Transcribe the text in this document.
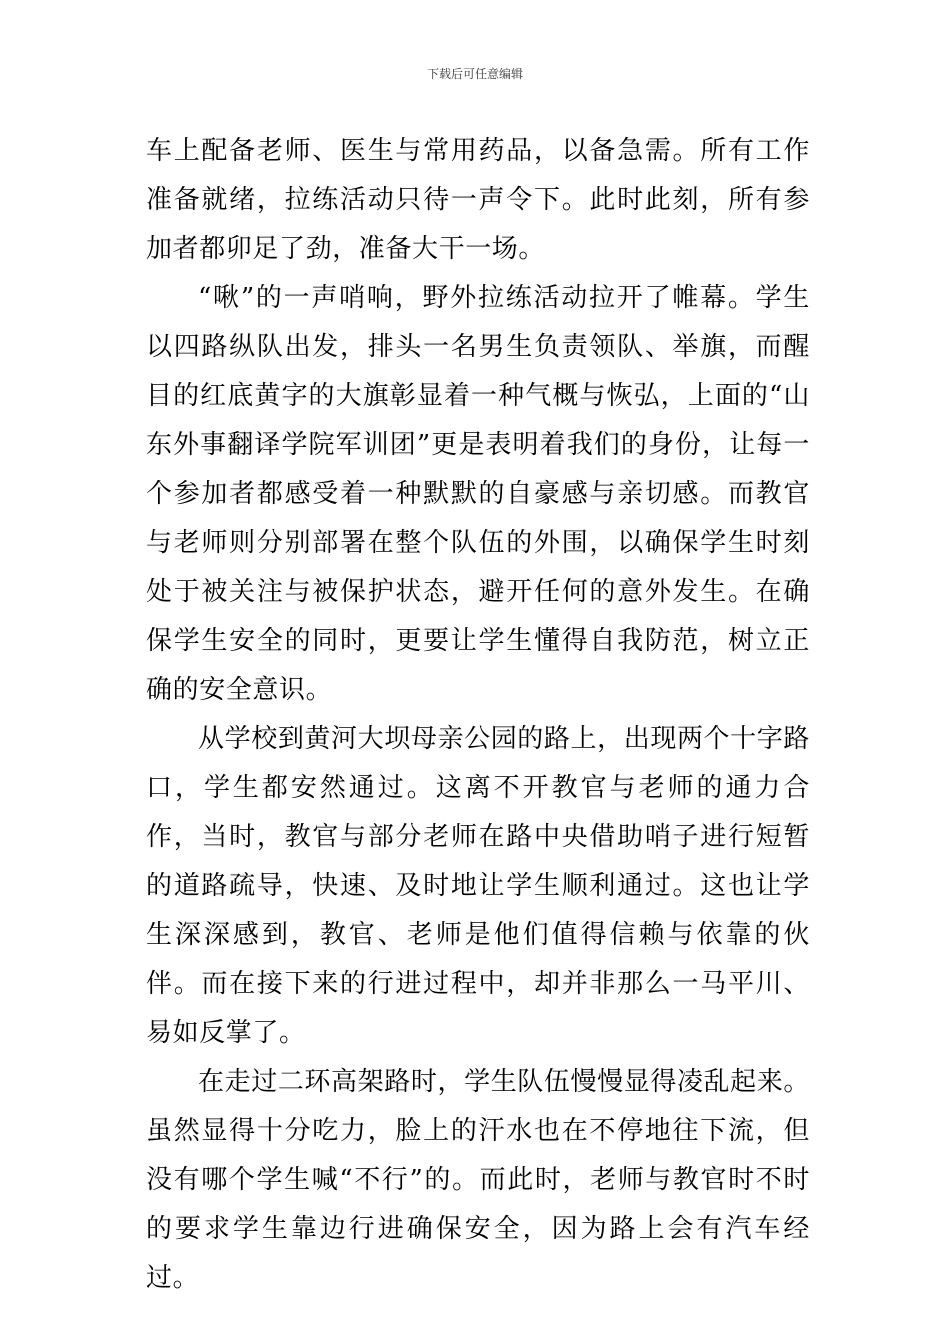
下载后可任意编辑

车上配备老师、医生与常用药品，以备急需。所有工作准备就绪，拉练活动只待一声令下。此时此刻，所有参加者都卯足了劲，准备大干一场。

“啾”的一声哨响，野外拉练活动拉开了帷幕。学生以四路纵队出发，排头一名男生负责领队、举旗，而醒目的红底黄字的大旗彰显着一种气概与恢弘，上面的“山东外事翻译学院军训团”更是表明着我们的身份，让每一个参加者都感受着一种默默的自豪感与亲切感。而教官与老师则分别部署在整个队伍的外围，以确保学生时刻处于被关注与被保护状态，避开任何的意外发生。在确保学生安全的同时，更要让学生懂得自我防范，树立正确的安全意识。

从学校到黄河大坝母亲公园的路上，出现两个十字路口，学生都安然通过。这离不开教官与老师的通力合作，当时，教官与部分老师在路中央借助哨子进行短暂的道路疏导，快速、及时地让学生顺利通过。这也让学生深深感到，教官、老师是他们值得信赖与依靠的伙伴。而在接下来的行进过程中，却并非那么一马平川、易如反掌了。

在走过二环高架路时，学生队伍慢慢显得凌乱起来。虽然显得十分吃力，脸上的汗水也在不停地往下流，但没有哪个学生喊“不行”的。而此时，老师与教官时不时的要求学生靠边行进确保安全，因为路上会有汽车经过。
